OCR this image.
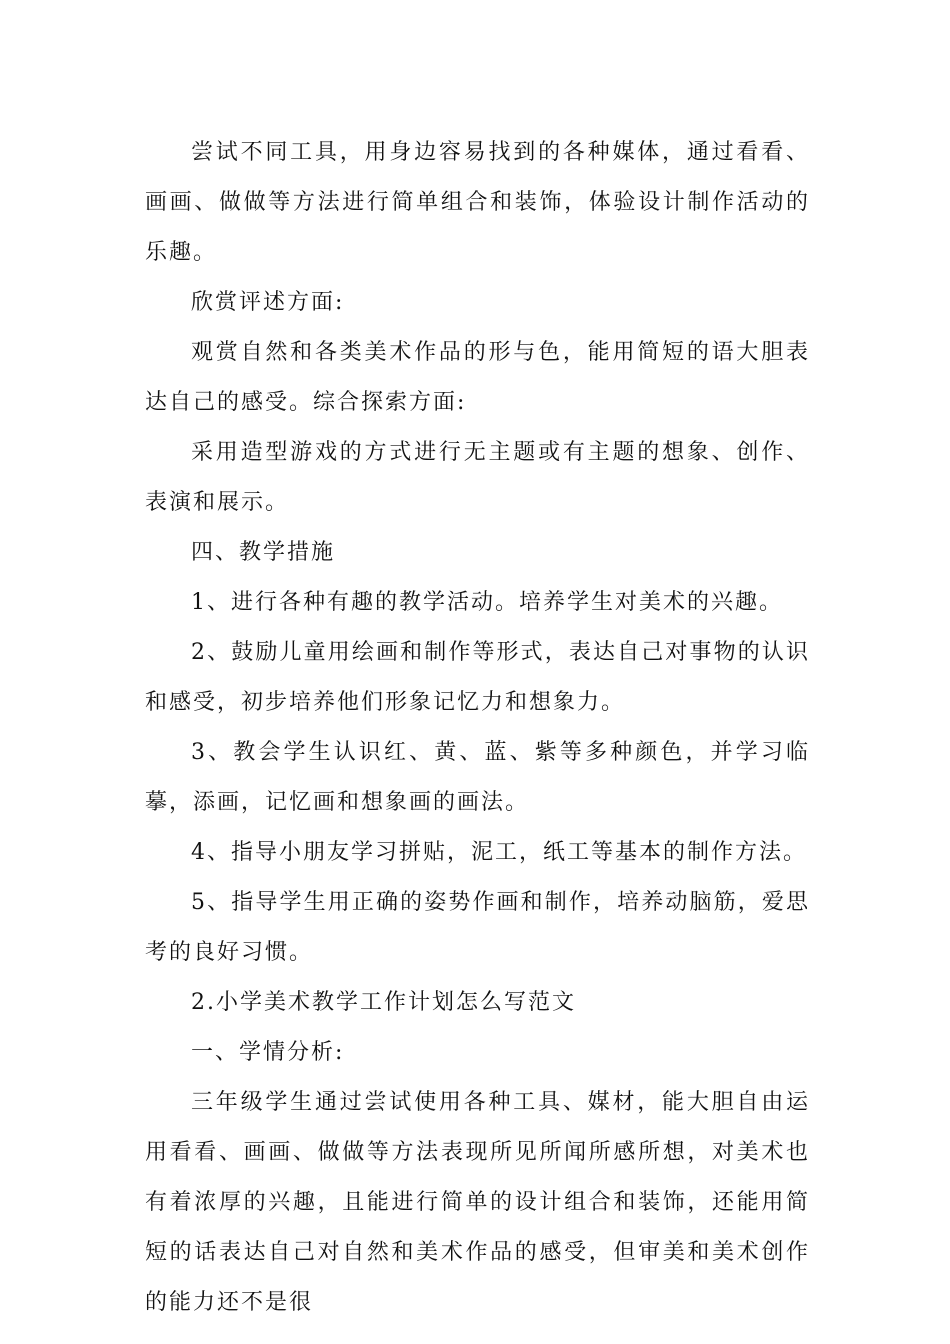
尝试不同工具，用身边容易找到的各种媒体，通过看看、画画、做做等方法进行简单组合和装饰，体验设计制作活动的乐趣。

欣赏评述方面:

观赏自然和各类美术作品的形与色，能用简短的语大胆表达自己的感受。综合探索方面:

采用造型游戏的方式进行无主题或有主题的想象、创作、表演和展示。

四、教学措施

1、进行各种有趣的教学活动。培养学生对美术的兴趣。

2、鼓励儿童用绘画和制作等形式，表达自己对事物的认识和感受，初步培养他们形象记忆力和想象力。

3、教会学生认识红、黄、蓝、紫等多种颜色，并学习临摹，添画，记忆画和想象画的画法。

4、指导小朋友学习拼贴，泥工，纸工等基本的制作方法。

5、指导学生用正确的姿势作画和制作，培养动脑筋，爱思考的良好习惯。

2.小学美术教学工作计划怎么写范文

一、学情分析:

三年级学生通过尝试使用各种工具、媒材，能大胆自由运用看看、画画、做做等方法表现所见所闻所感所想，对美术也有着浓厚的兴趣，且能进行简单的设计组合和装饰，还能用简短的话表达自己对自然和美术作品的感受，但审美和美术创作的能力还不是很
